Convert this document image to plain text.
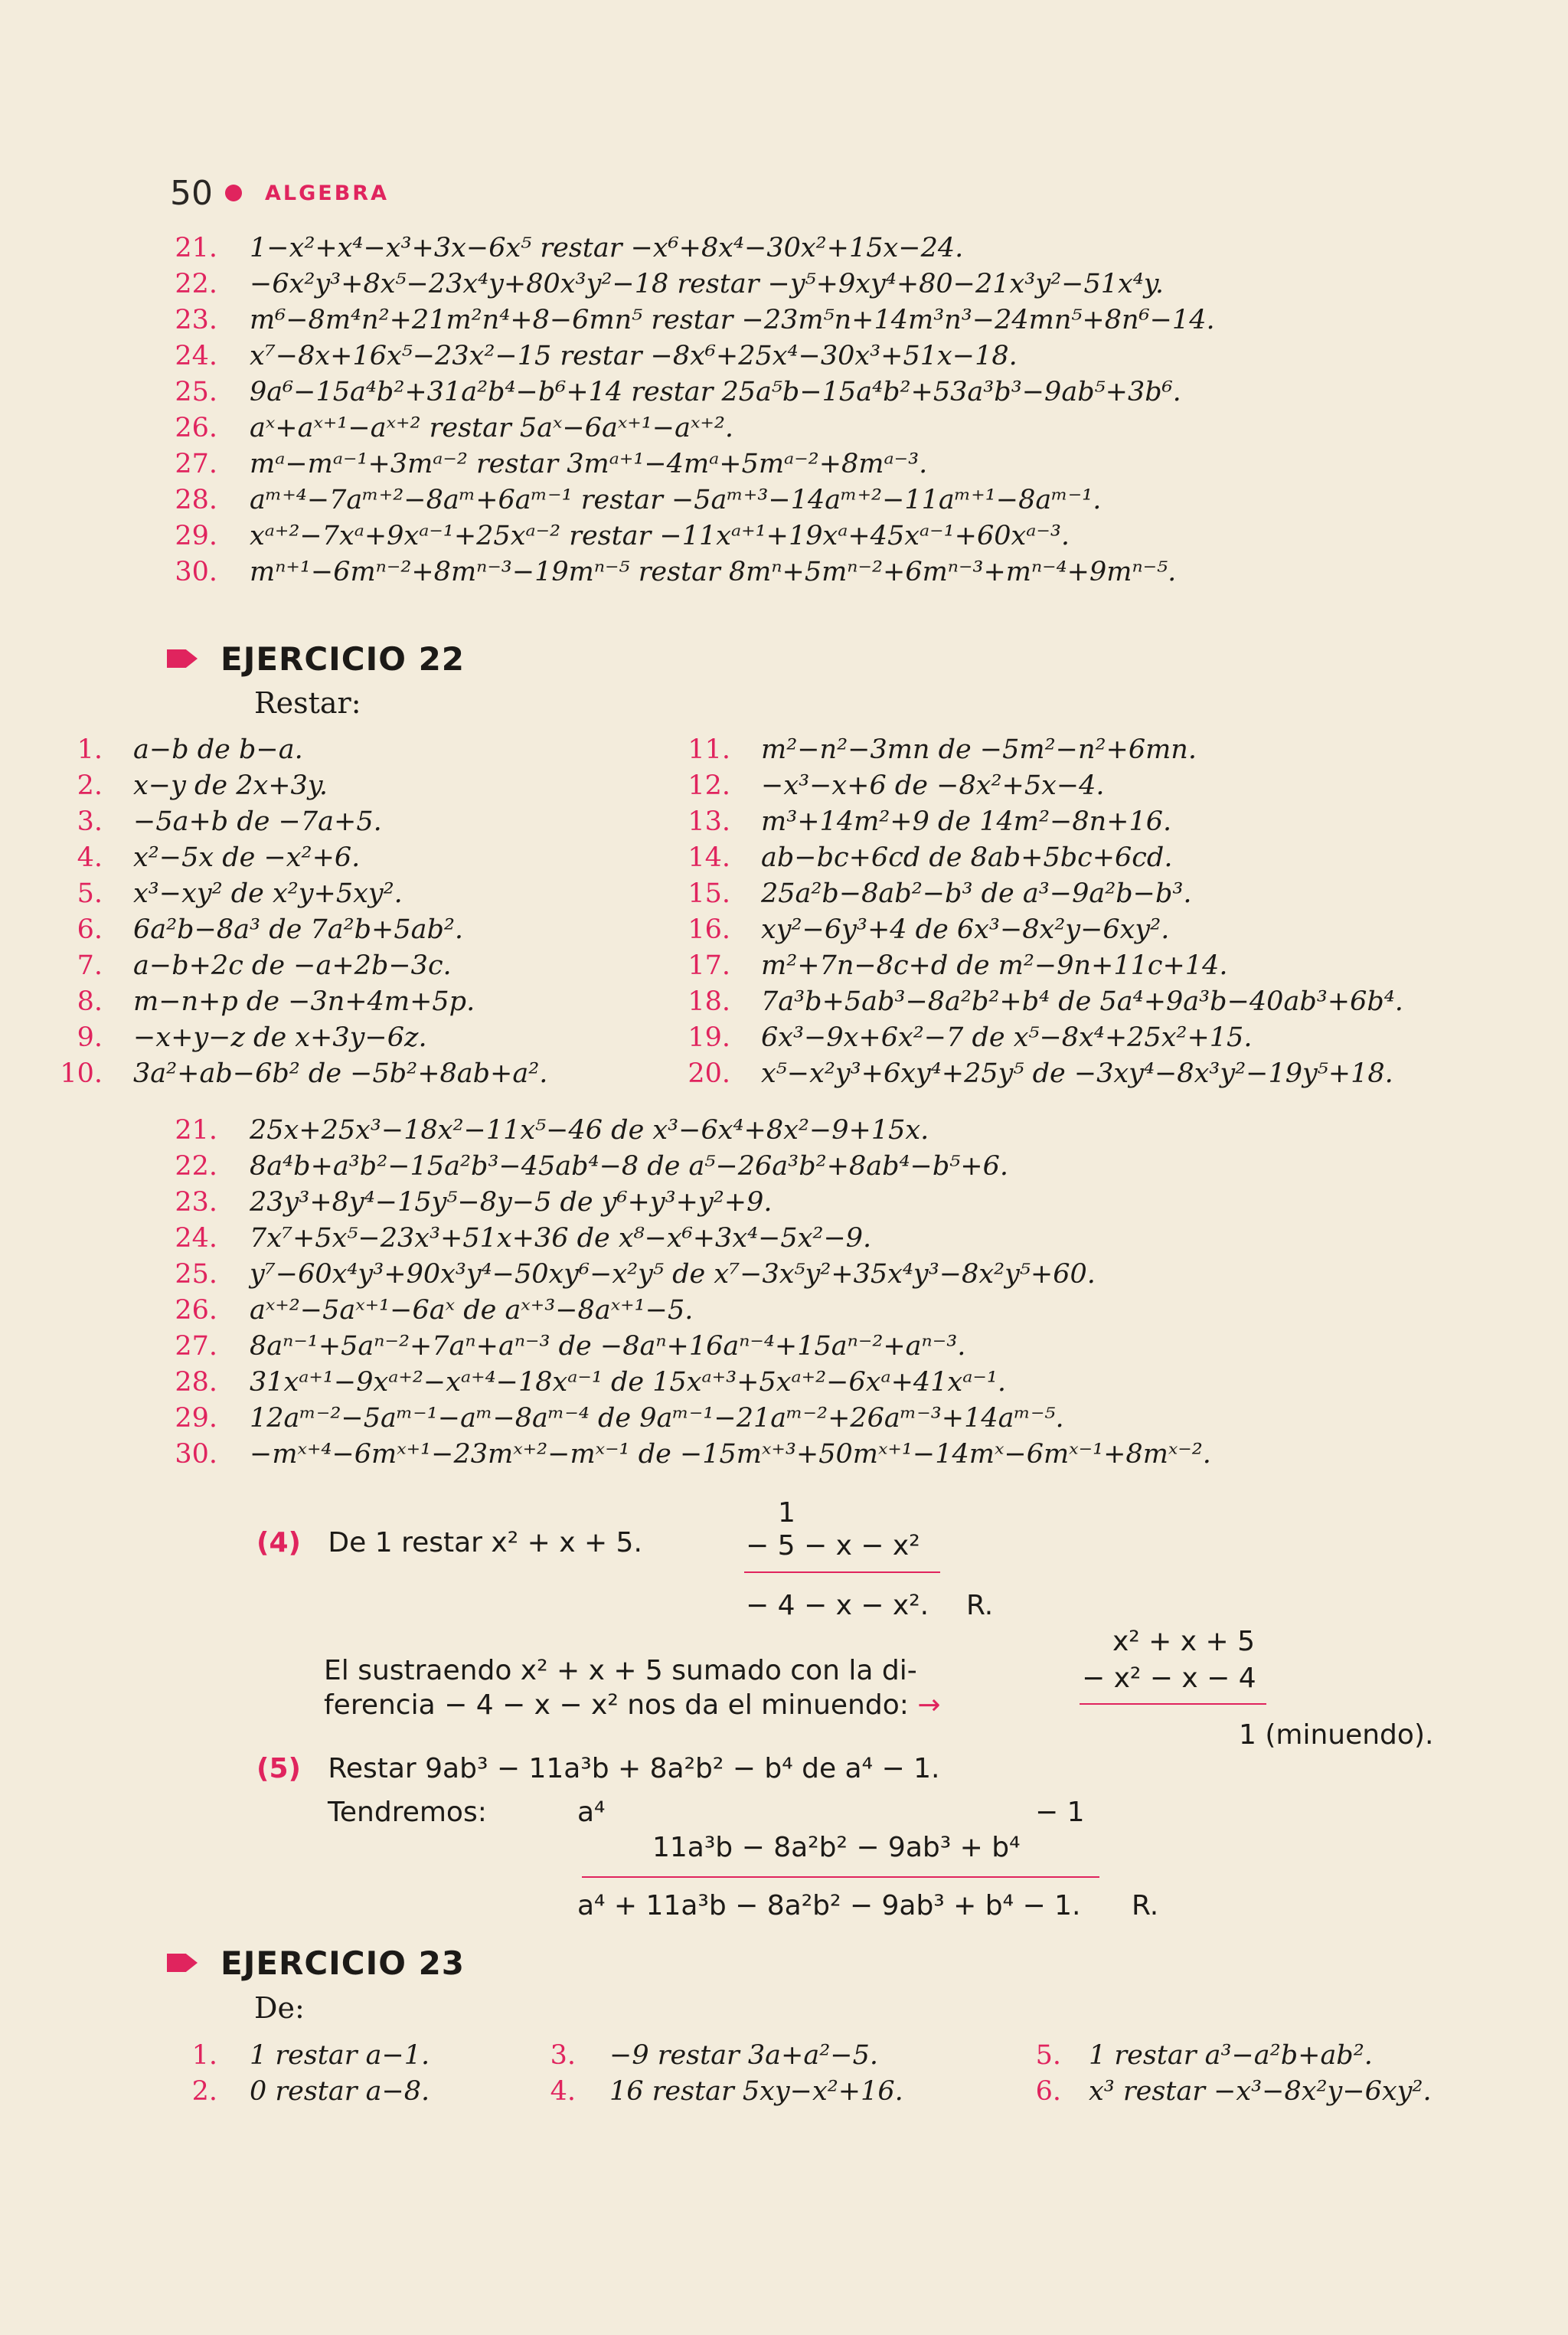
50	ALGEBRA
21. 1−x²+x⁴−x³+3x−6x⁵ restar −x⁶+8x⁴−30x²+15x−24.
22. −6x²y³+8x⁵−23x⁴y+80x³y²−18 restar −y⁵+9xy⁴+80−21x³y²−51x⁴y.
23. m⁶−8m⁴n²+21m²n⁴+8−6mn⁵ restar −23m⁵n+14m³n³−24mn⁵+8n⁶−14.
24. x⁷−8x+16x⁵−23x²−15 restar −8x⁶+25x⁴−30x³+51x−18.
25. 9a⁶−15a⁴b²+31a²b⁴−b⁶+14 restar 25a⁵b−15a⁴b²+53a³b³−9ab⁵+3b⁶.
26. aˣ+aˣ⁺¹−aˣ⁺² restar 5aˣ−6aˣ⁺¹−aˣ⁺².
27. mᵃ−mᵃ⁻¹+3mᵃ⁻² restar 3mᵃ⁺¹−4mᵃ+5mᵃ⁻²+8mᵃ⁻³.
28. aᵐ⁺⁴−7aᵐ⁺²−8aᵐ+6aᵐ⁻¹ restar −5aᵐ⁺³−14aᵐ⁺²−11aᵐ⁺¹−8aᵐ⁻¹.
29. xᵃ⁺²−7xᵃ+9xᵃ⁻¹+25xᵃ⁻² restar −11xᵃ⁺¹+19xᵃ+45xᵃ⁻¹+60xᵃ⁻³.
30. mⁿ⁺¹−6mⁿ⁻²+8mⁿ⁻³−19mⁿ⁻⁵ restar 8mⁿ+5mⁿ⁻²+6mⁿ⁻³+mⁿ⁻⁴+9mⁿ⁻⁵.
EJERCICIO 22
Restar:
1. a−b de b−a.
2. x−y de 2x+3y.
3. −5a+b de −7a+5.
4. x²−5x de −x²+6.
5. x³−xy² de x²y+5xy².
6. 6a²b−8a³ de 7a²b+5ab².
7. a−b+2c de −a+2b−3c.
8. m−n+p de −3n+4m+5p.
9. −x+y−z de x+3y−6z.
10. 3a²+ab−6b² de −5b²+8ab+a².
11. m²−n²−3mn de −5m²−n²+6mn.
12. −x³−x+6 de −8x²+5x−4.
13. m³+14m²+9 de 14m²−8n+16.
14. ab−bc+6cd de 8ab+5bc+6cd.
15. 25a²b−8ab²−b³ de a³−9a²b−b³.
16. xy²−6y³+4 de 6x³−8x²y−6xy².
17. m²+7n−8c+d de m²−9n+11c+14.
18. 7a³b+5ab³−8a²b²+b⁴ de 5a⁴+9a³b−40ab³+6b⁴.
19. 6x³−9x+6x²−7 de x⁵−8x⁴+25x²+15.
20. x⁵−x²y³+6xy⁴+25y⁵ de −3xy⁴−8x³y²−19y⁵+18.
21. 25x+25x³−18x²−11x⁵−46 de x³−6x⁴+8x²−9+15x.
22. 8a⁴b+a³b²−15a²b³−45ab⁴−8 de a⁵−26a³b²+8ab⁴−b⁵+6.
23. 23y³+8y⁴−15y⁵−8y−5 de y⁶+y³+y²+9.
24. 7x⁷+5x⁵−23x³+51x+36 de x⁸−x⁶+3x⁴−5x²−9.
25. y⁷−60x⁴y³+90x³y⁴−50xy⁶−x²y⁵ de x⁷−3x⁵y²+35x⁴y³−8x²y⁵+60.
26. aˣ⁺²−5aˣ⁺¹−6aˣ de aˣ⁺³−8aˣ⁺¹−5.
27. 8aⁿ⁻¹+5aⁿ⁻²+7aⁿ+aⁿ⁻³ de −8aⁿ+16aⁿ⁻⁴+15aⁿ⁻²+aⁿ⁻³.
28. 31xᵃ⁺¹−9xᵃ⁺²−xᵃ⁺⁴−18xᵃ⁻¹ de 15xᵃ⁺³+5xᵃ⁺²−6xᵃ+41xᵃ⁻¹.
29. 12aᵐ⁻²−5aᵐ⁻¹−aᵐ−8aᵐ⁻⁴ de 9aᵐ⁻¹−21aᵐ⁻²+26aᵐ⁻³+14aᵐ⁻⁵.
30. −mˣ⁺⁴−6mˣ⁺¹−23mˣ⁺²−mˣ⁻¹ de −15mˣ⁺³+50mˣ⁺¹−14mˣ−6mˣ⁻¹+8mˣ⁻².
(4) De 1 restar x² + x + 5.
1
− 5 − x − x²
− 4 − x − x². R.
El sustraendo x² + x + 5 sumado con la di-
ferencia − 4 − x − x² nos da el minuendo: →
x² + x + 5
− x² − x − 4
1 (minuendo).
(5) Restar 9ab³ − 11a³b + 8a²b² − b⁴ de a⁴ − 1.
Tendremos:	a⁴	− 1
11a³b − 8a²b² − 9ab³ + b⁴
a⁴ + 11a³b − 8a²b² − 9ab³ + b⁴ − 1. R.
EJERCICIO 23
De:
1. 1 restar a−1.
2. 0 restar a−8.
3. −9 restar 3a+a²−5.
4. 16 restar 5xy−x²+16.
5. 1 restar a³−a²b+ab².
6. x³ restar −x³−8x²y−6xy².
